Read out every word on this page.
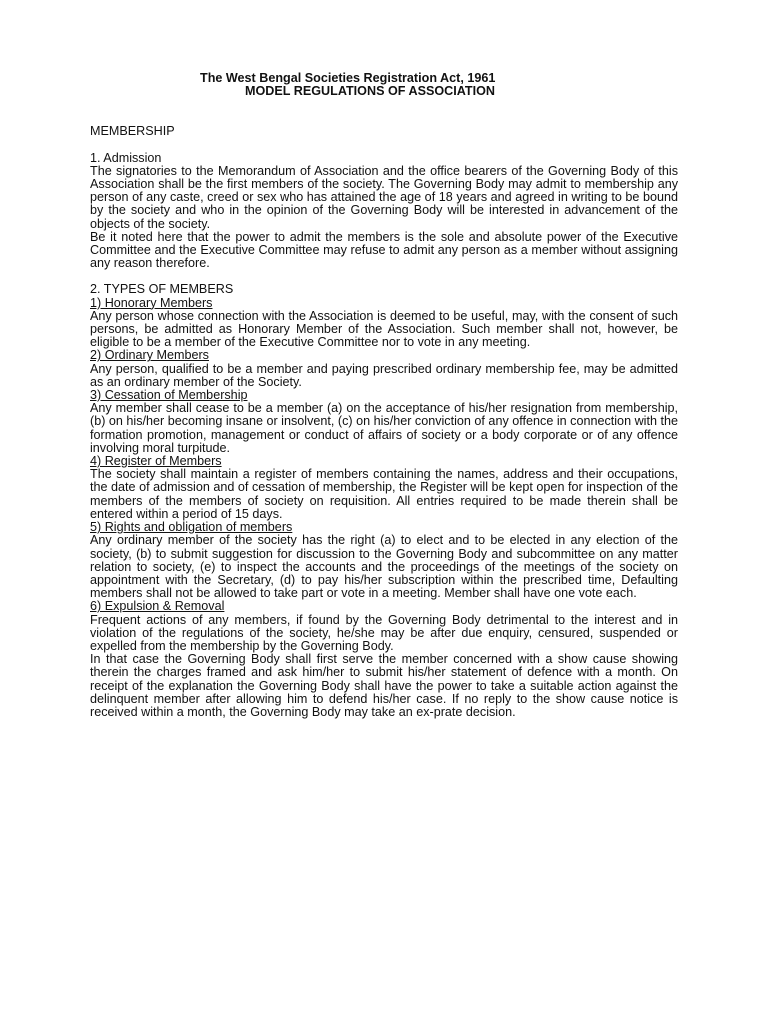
The West Bengal Societies Registration Act, 1961

MODEL REGULATIONS OF ASSOCIATION

MEMBERSHIP

1. Admission

The signatories to the Memorandum of Association and the office bearers of the Governing Body of this Association shall be the first members of the society. The Governing Body may admit to membership any person of any caste, creed or sex who has attained the age of 18 years and agreed in writing to be bound by the society and who in the opinion of the Governing Body will be interested in advancement of the objects of the society.

Be it noted here that the power to admit the members is the sole and absolute power of the Executive Committee and the Executive Committee may refuse to admit any person as a member without assigning any reason therefore.

2. TYPES OF MEMBERS

1) Honorary Members

Any person whose connection with the Association is deemed to be useful, may, with the consent of such persons, be admitted as Honorary Member of the Association. Such member shall not, however, be eligible to be a member of the Executive Committee nor to vote in any meeting.

2) Ordinary Members

Any person, qualified to be a member and paying prescribed ordinary membership fee, may be admitted as an ordinary member of the Society.

3) Cessation of Membership

Any member shall cease to be a member (a) on the acceptance of his/her resignation from membership, (b) on his/her becoming insane or insolvent, (c) on his/her conviction of any offence in connection with the formation promotion, management or conduct of affairs of society or a body corporate or of any offence involving moral turpitude.

4) Register of Members

The society shall maintain a register of members containing the names, address and their occupations, the date of admission and of cessation of membership, the Register will be kept open for inspection of the members of the members of society on requisition. All entries required to be made therein shall be entered within a period of 15 days.

5) Rights and obligation of members

Any ordinary member of the society has the right (a) to elect and to be elected in any election of the society, (b) to submit suggestion for discussion to the Governing Body and subcommittee on any matter relation to society, (e) to inspect the accounts and the proceedings of the meetings of the society on appointment with the Secretary, (d) to pay his/her subscription within the prescribed time, Defaulting members shall not be allowed to take part or vote in a meeting. Member shall have one vote each.

6) Expulsion & Removal

Frequent actions of any members, if found by the Governing Body detrimental to the interest and in violation of the regulations of the society, he/she may be after due enquiry, censured, suspended or expelled from the membership by the Governing Body.

In that case the Governing Body shall first serve the member concerned with a show cause showing therein the charges framed and ask him/her to submit his/her statement of defence with a month. On receipt of the explanation the Governing Body shall have the power to take a suitable action against the delinquent member after allowing him to defend his/her case. If no reply to the show cause notice is received within a month, the Governing Body may take an ex-prate decision.
